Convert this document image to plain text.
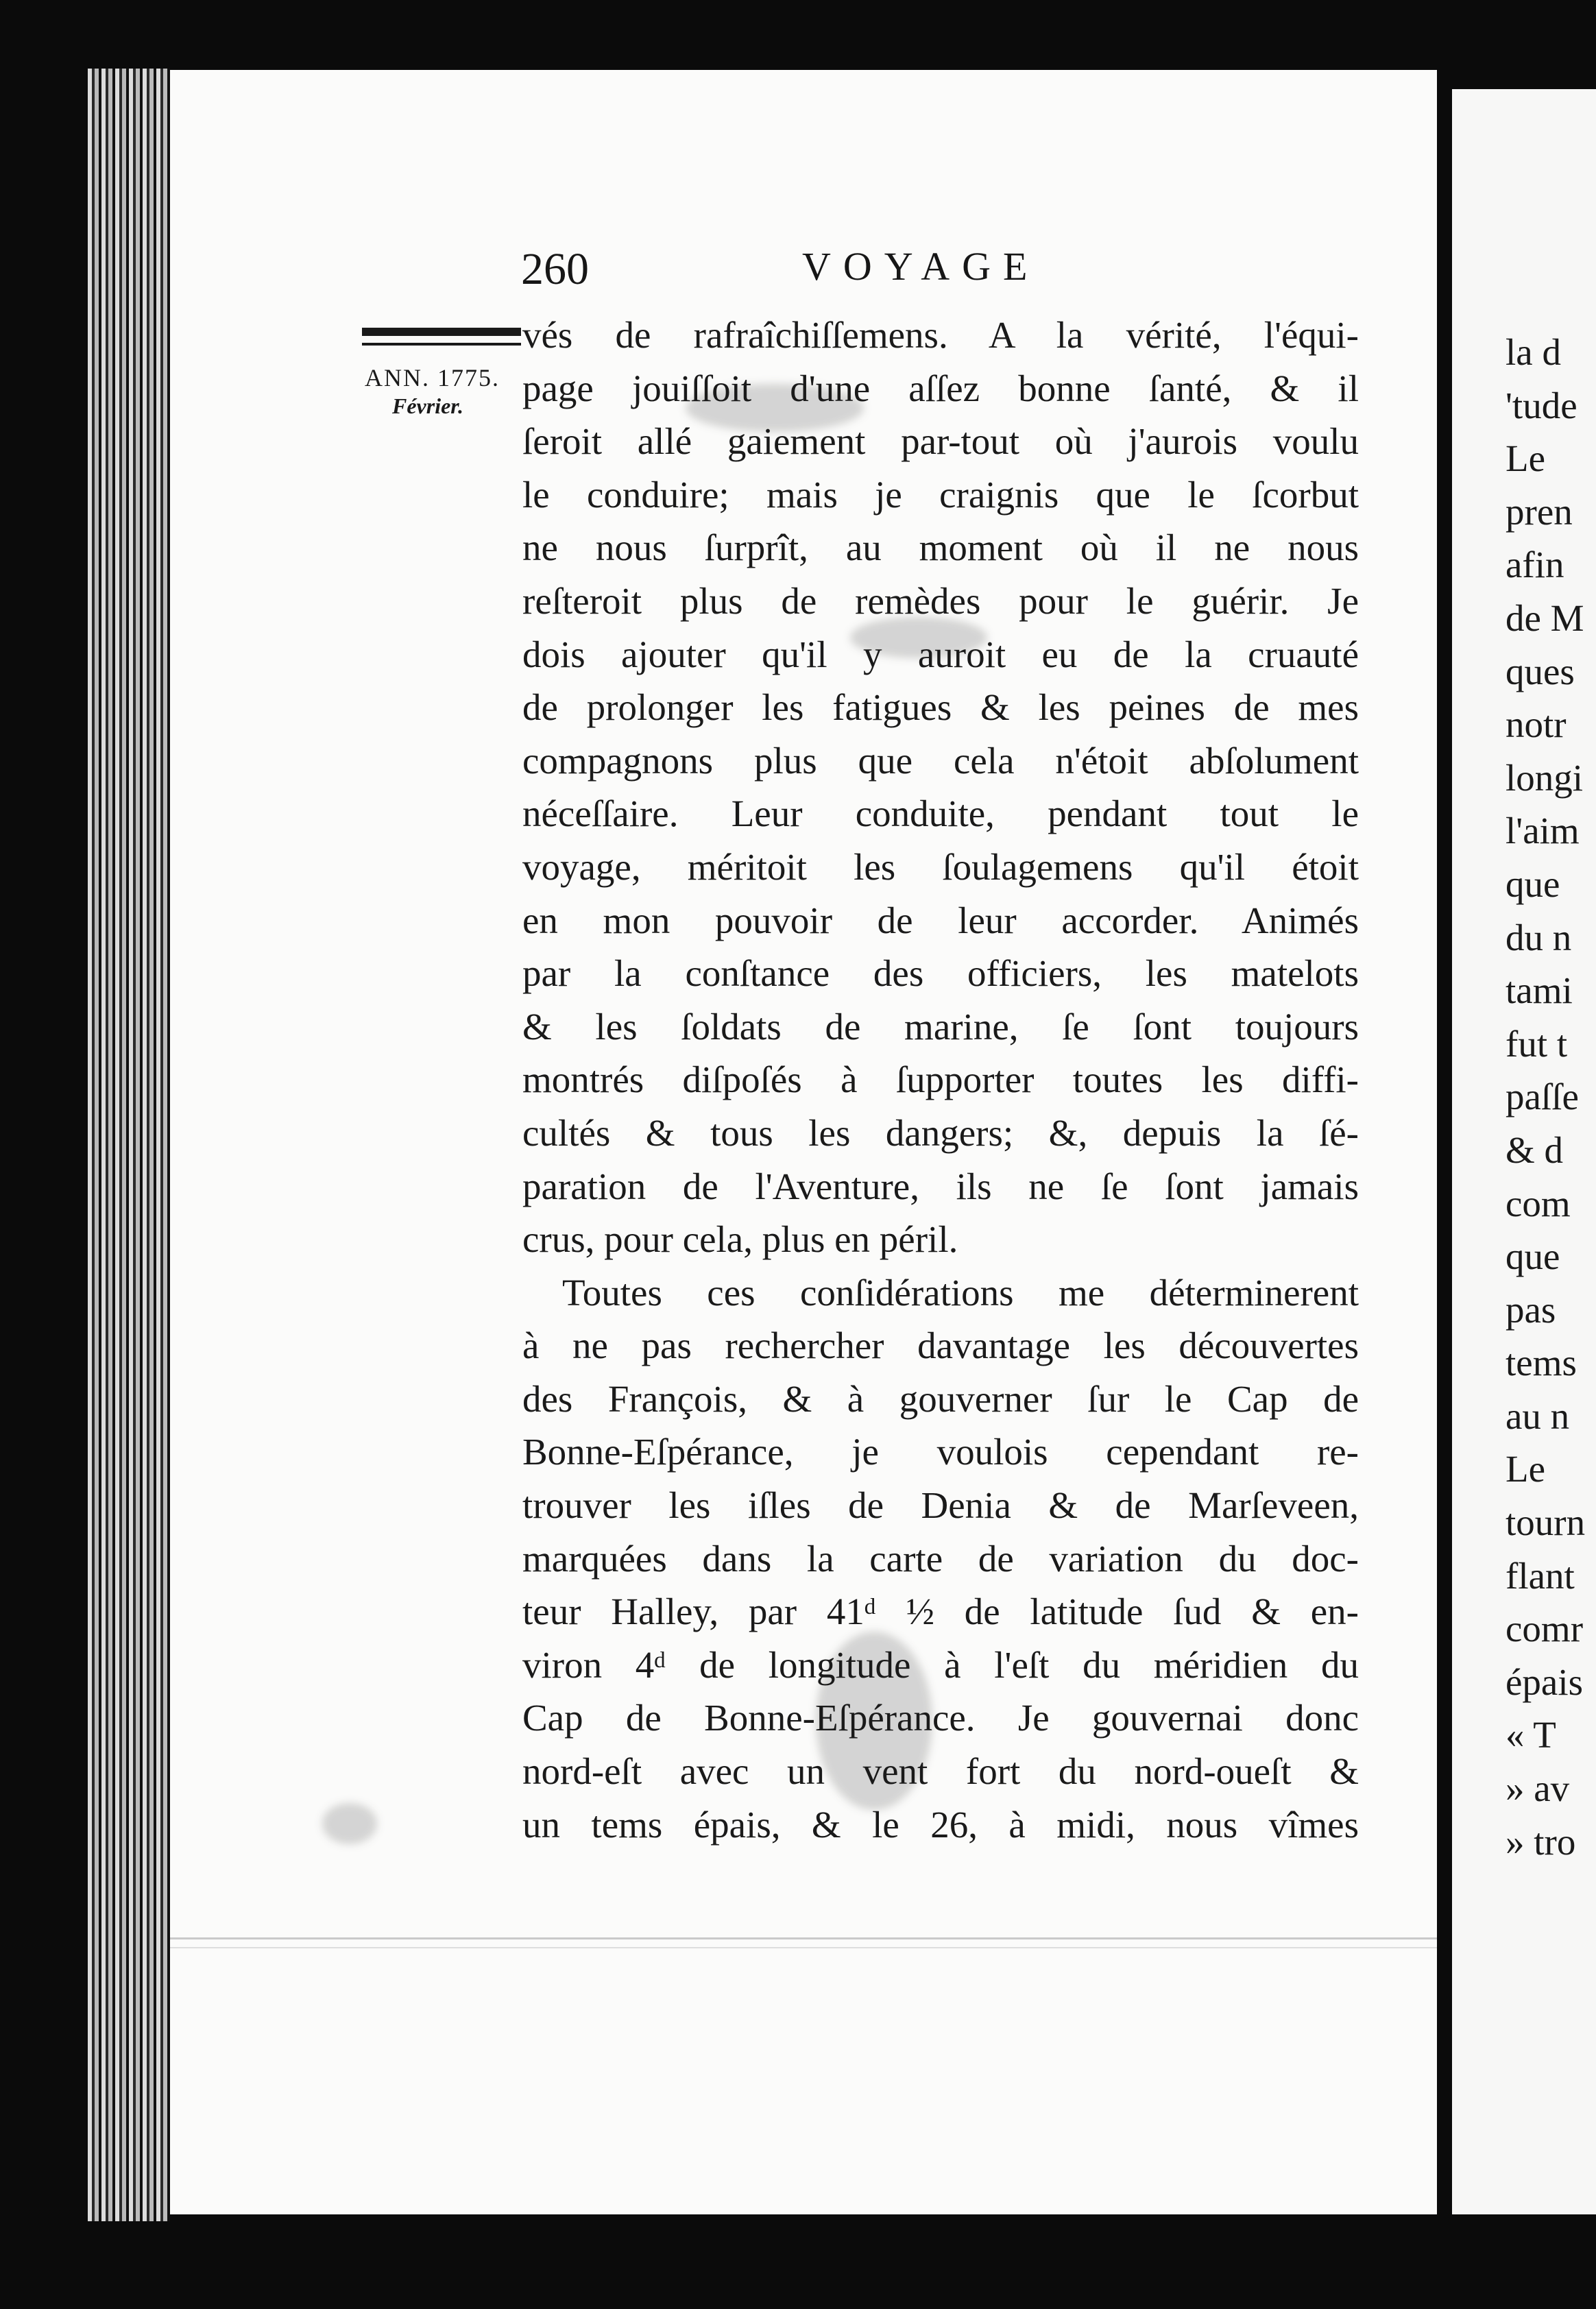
260	VOYAGE
ANN. 1775.
Février.
vés de rafraîchiſſemens. A la vérité, l'équi-
page jouiſſoit d'une aſſez bonne ſanté, & il
ſeroit allé gaiement par-tout où j'aurois voulu
le conduire; mais je craignis que le ſcorbut
ne nous ſurprît, au moment où il ne nous
reſteroit plus de remèdes pour le guérir. Je
dois ajouter qu'il y auroit eu de la cruauté
de prolonger les fatigues & les peines de mes
compagnons plus que cela n'étoit abſolument
néceſſaire. Leur conduite, pendant tout le
voyage, méritoit les ſoulagemens qu'il étoit
en mon pouvoir de leur accorder. Animés
par la conſtance des officiers, les matelots
& les ſoldats de marine, ſe ſont toujours
montrés diſpoſés à ſupporter toutes les diffi-
cultés & tous les dangers; &, depuis la ſé-
paration de l'Aventure, ils ne ſe ſont jamais
crus, pour cela, plus en péril.
Toutes ces conſidérations me déterminerent
à ne pas rechercher davantage les découvertes
des François, & à gouverner ſur le Cap de
Bonne-Eſpérance, je voulois cependant re-
trouver les iſles de Denia & de Marſeveen,
marquées dans la carte de variation du doc-
teur Halley, par 41ᵈ ½ de latitude ſud & en-
viron 4ᵈ de longitude à l'eſt du méridien du
Cap de Bonne-Eſpérance. Je gouvernai donc
nord-eſt avec un vent fort du nord-oueſt &
un tems épais, & le 26, à midi, nous vîmes
la d
'tude
Le
pren
afin
de M
ques
notr
longi
l'aim
que
du n
tami
fut t
paſſe
& d
com
que
pas
tems
au n
Le
tourn
flant
comr
épais
« T
» av
» tro
